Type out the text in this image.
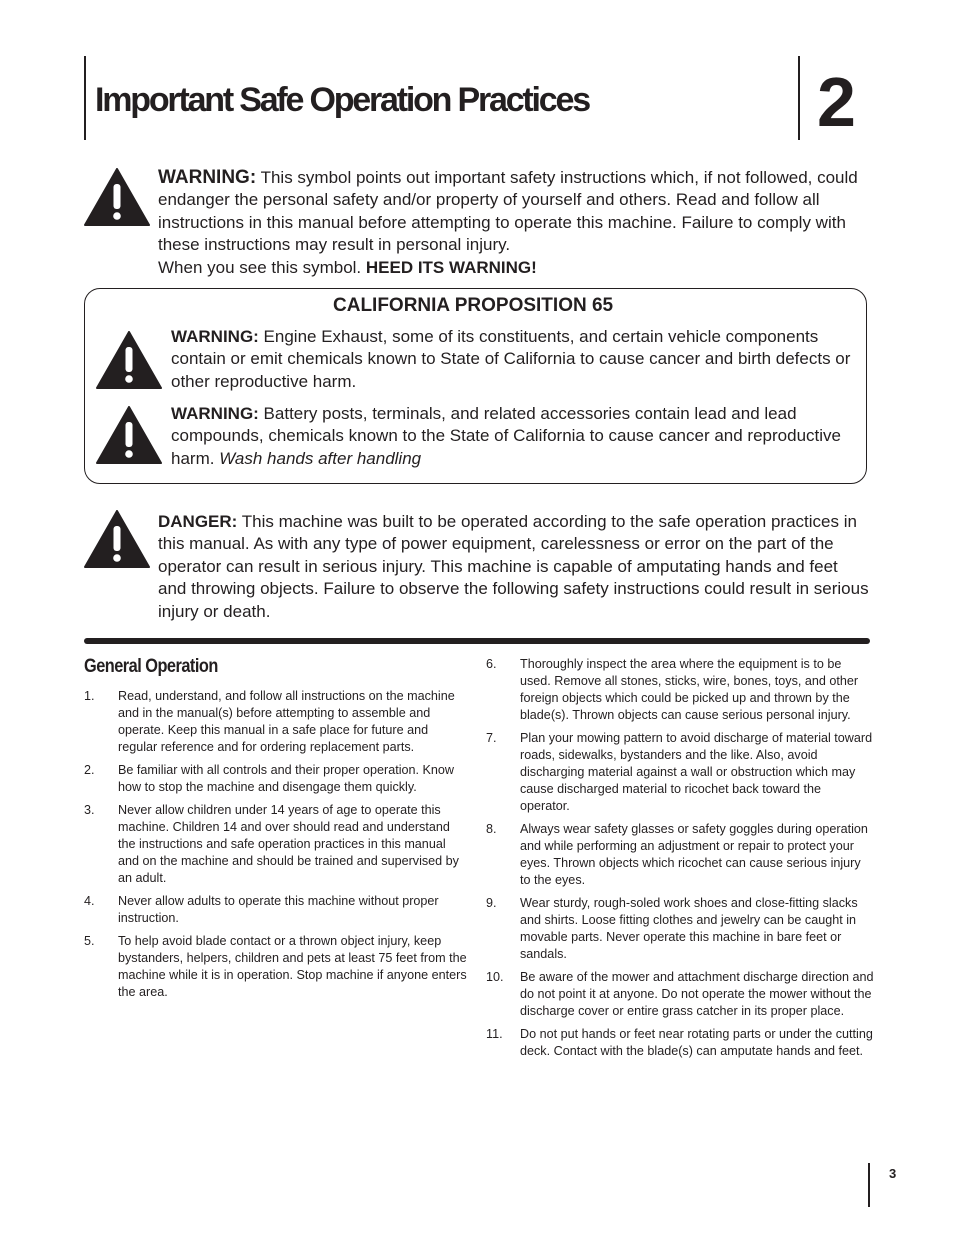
Important Safe Operation Practices	2
WARNING: This symbol points out important safety instructions which, if not followed, could endanger the personal safety and/or property of yourself and others. Read and follow all instructions in this manual before attempting to operate this machine. Failure to comply with these instructions may result in personal injury.
When you see this symbol. HEED ITS WARNING!
CALIFORNIA PROPOSITION 65
WARNING: Engine Exhaust, some of its constituents, and certain vehicle components contain or emit chemicals known to State of California to cause cancer and birth defects or other reproductive harm.
WARNING: Battery posts, terminals, and related accessories contain lead and lead compounds, chemicals known to the State of California to cause cancer and reproductive harm. Wash hands after handling
DANGER: This machine was built to be operated according to the safe operation practices in this manual. As with any type of power equipment, carelessness or error on the part of the operator can result in serious injury. This machine is capable of amputating hands and feet and throwing objects. Failure to observe the following safety instructions could result in serious injury or death.
General Operation
1. Read, understand, and follow all instructions on the machine and in the manual(s) before attempting to assemble and operate. Keep this manual in a safe place for future and regular reference and for ordering replacement parts.
2. Be familiar with all controls and their proper operation. Know how to stop the machine and disengage them quickly.
3. Never allow children under 14 years of age to operate this machine. Children 14 and over should read and understand the instructions and safe operation practices in this manual and on the machine and should be trained and supervised by an adult.
4. Never allow adults to operate this machine without proper instruction.
5. To help avoid blade contact or a thrown object injury, keep bystanders, helpers, children and pets at least 75 feet from the machine while it is in operation. Stop machine if anyone enters the area.
6. Thoroughly inspect the area where the equipment is to be used. Remove all stones, sticks, wire, bones, toys, and other foreign objects which could be picked up and thrown by the blade(s). Thrown objects can cause serious personal injury.
7. Plan your mowing pattern to avoid discharge of material toward roads, sidewalks, bystanders and the like. Also, avoid discharging material against a wall or obstruction which may cause discharged material to ricochet back toward the operator.
8. Always wear safety glasses or safety goggles during operation and while performing an adjustment or repair to protect your eyes. Thrown objects which ricochet can cause serious injury to the eyes.
9. Wear sturdy, rough-soled work shoes and close-fitting slacks and shirts. Loose fitting clothes and jewelry can be caught in movable parts. Never operate this machine in bare feet or sandals.
10. Be aware of the mower and attachment discharge direction and do not point it at anyone. Do not operate the mower without the discharge cover or entire grass catcher in its proper place.
11. Do not put hands or feet near rotating parts or under the cutting deck. Contact with the blade(s) can amputate hands and feet.
3
